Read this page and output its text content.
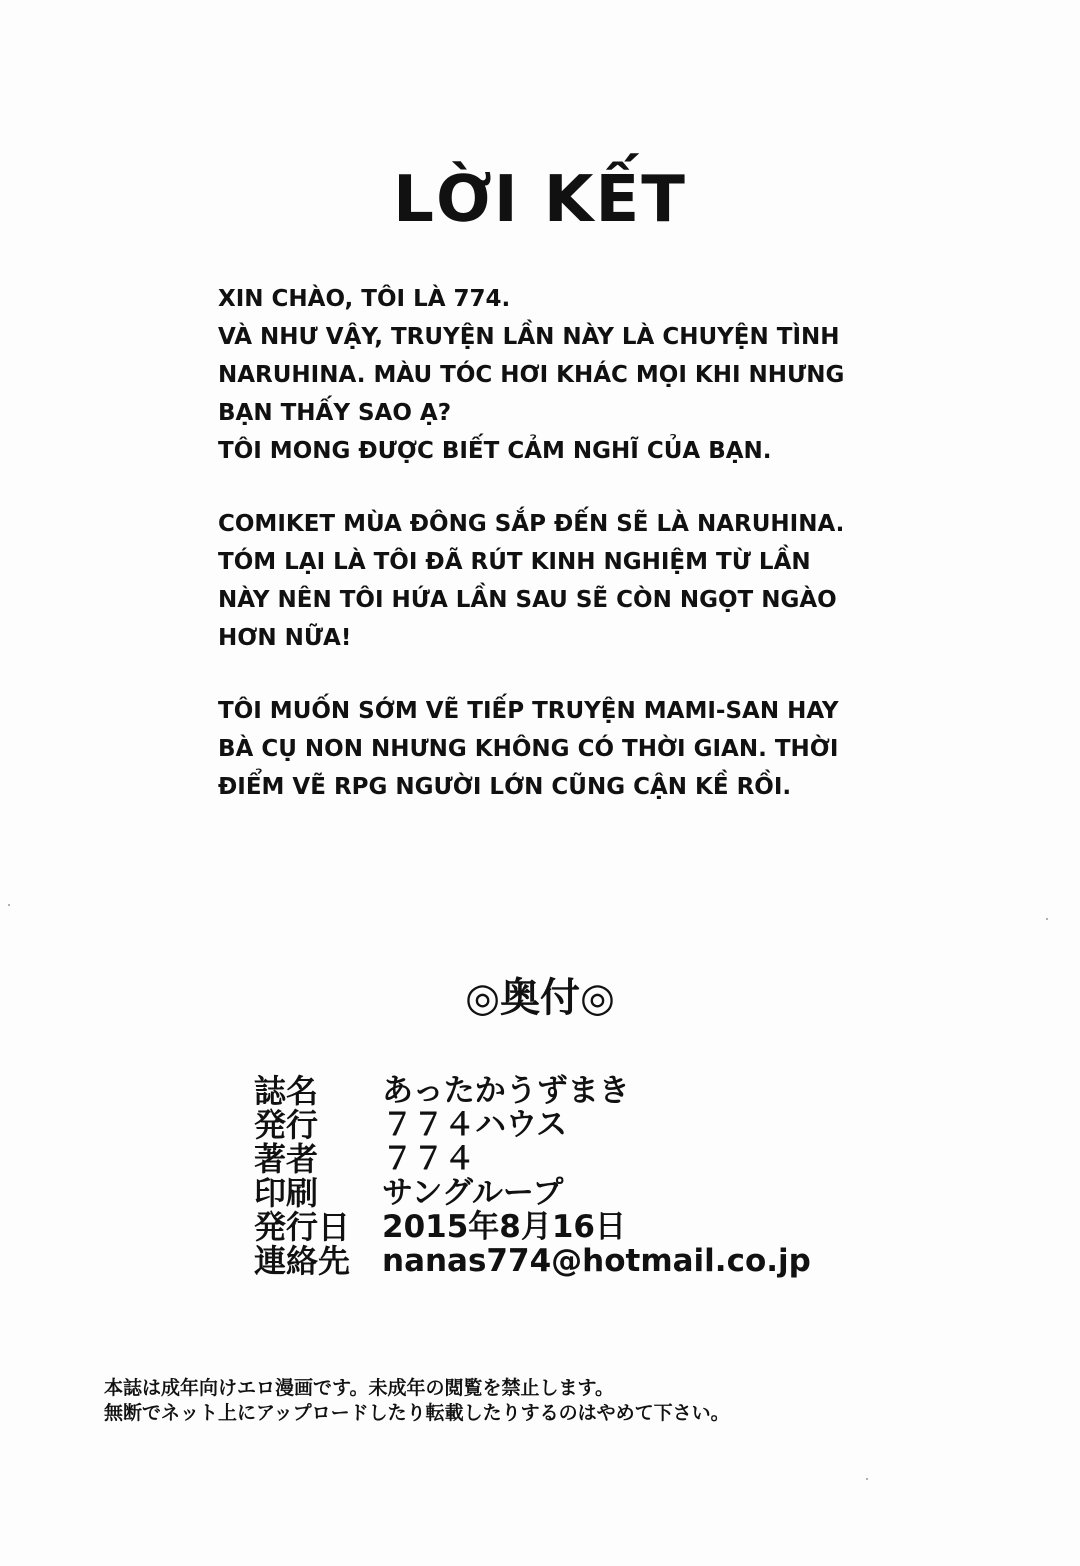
LỜI KẾT
XIN CHÀO, TÔI LÀ 774.
VÀ NHƯ VẬY, TRUYỆN LẦN NÀY LÀ CHUYỆN TÌNH
NARUHINA. MÀU TÓC HƠI KHÁC MỌI KHI NHƯNG
BẠN THẤY SAO Ạ?
TÔI MONG ĐƯỢC BIẾT CẢM NGHĨ CỦA BẠN.
COMIKET MÙA ĐÔNG SẮP ĐẾN SẼ LÀ NARUHINA.
TÓM LẠI LÀ TÔI ĐÃ RÚT KINH NGHIỆM TỪ LẦN
NÀY NÊN TÔI HỨA LẦN SAU SẼ CÒN NGỌT NGÀO
HƠN NỮA!
TÔI MUỐN SỚM VẼ TIẾP TRUYỆN MAMI-SAN HAY
BÀ CỤ NON NHƯNG KHÔNG CÓ THỜI GIAN. THỜI
ĐIỂM VẼ RPG NGƯỜI LỚN CŨNG CẬN KỀ RỒI.
◎奥付◎
誌名	あったかうずまき
発行	７７４ハウス
著者	７７４
印刷	サングループ
発行日	2015年8月16日
連絡先	nanas774@hotmail.co.jp
本誌は成年向けエロ漫画です。未成年の閲覧を禁止します。
無断でネット上にアップロードしたり転載したりするのはやめて下さい。
